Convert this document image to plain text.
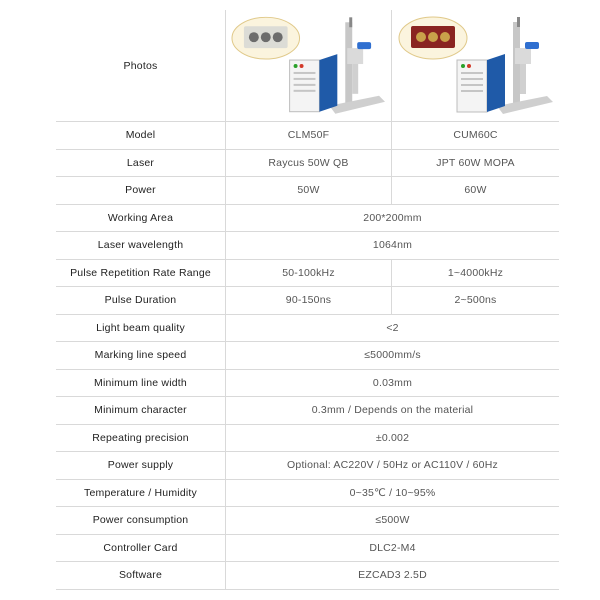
Photos
Model	CLM50F	CUM60C
Laser	Raycus 50W QB	JPT 60W MOPA
Power	50W	60W
Working Area	200*200mm
Laser wavelength	1064nm
Pulse Repetition Rate Range	50-100kHz	1~4000kHz
Pulse Duration	90-150ns	2~500ns
Light beam quality	<2
Marking line speed	≤5000mm/s
Minimum line width	0.03mm
Minimum character	0.3mm / Depends on the material
Repeating precision	±0.002
Power supply	Optional: AC220V / 50Hz or AC110V / 60Hz
Temperature / Humidity	0~35℃ / 10~95%
Power consumption	≤500W
Controller Card	DLC2-M4
Software	EZCAD3 2.5D
